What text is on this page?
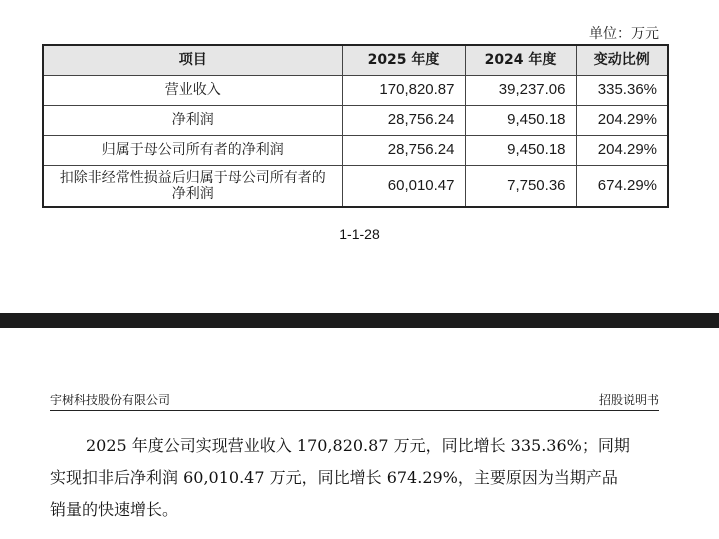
单位：万元
项目	2025 年度	2024 年度	变动比例
营业收入	170,820.87	39,237.06	335.36%
净利润	28,756.24	9,450.18	204.29%
归属于母公司所有者的净利润	28,756.24	9,450.18	204.29%
扣除非经常性损益后归属于母公司所有者的净利润	60,010.47	7,750.36	674.29%
1-1-28
宇树科技股份有限公司	招股说明书
2025 年度公司实现营业收入 170,820.87 万元，同比增长 335.36%；同期
实现扣非后净利润 60,010.47 万元，同比增长 674.29%，主要原因为当期产品
销量的快速增长。
